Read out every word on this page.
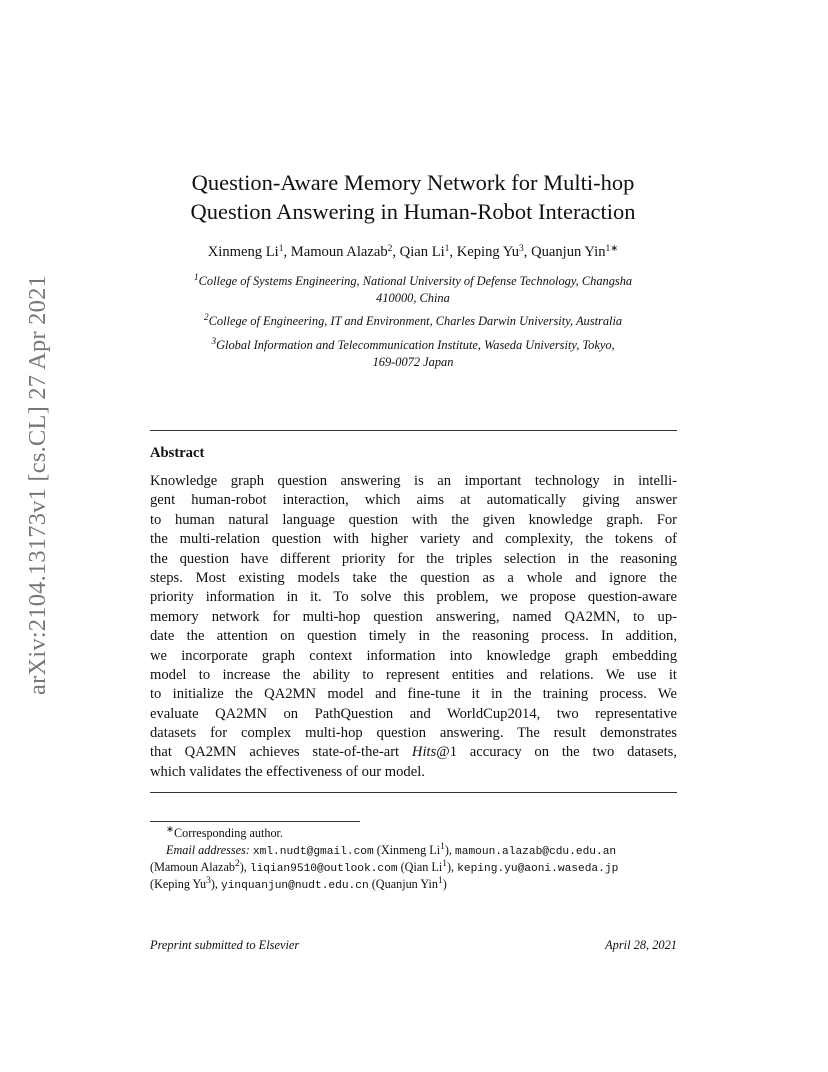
arXiv:2104.13173v1 [cs.CL] 27 Apr 2021
Question-Aware Memory Network for Multi-hop
Question Answering in Human-Robot Interaction
Xinmeng Li$^1$, Mamoun Alazab$^2$, Qian Li$^1$, Keping Yu$^3$, Quanjun Yin$^{1∗}$
$^1$College of Systems Engineering, National University of Defense Technology, Changsha
410000, China
$^2$College of Engineering, IT and Environment, Charles Darwin University, Australia
$^3$Global Information and Telecommunication Institute, Waseda University, Tokyo,
169-0072 Japan
Abstract
Knowledge graph question answering is an important technology in intelli-
gent human-robot interaction, which aims at automatically giving answer
to human natural language question with the given knowledge graph. For
the multi-relation question with higher variety and complexity, the tokens of
the question have different priority for the triples selection in the reasoning
steps. Most existing models take the question as a whole and ignore the
priority information in it. To solve this problem, we propose question-aware
memory network for multi-hop question answering, named QA2MN, to up-
date the attention on question timely in the reasoning process. In addition,
we incorporate graph context information into knowledge graph embedding
model to increase the ability to represent entities and relations. We use it
to initialize the QA2MN model and fine-tune it in the training process. We
evaluate QA2MN on PathQuestion and WorldCup2014, two representative
datasets for complex multi-hop question answering. The result demonstrates
that QA2MN achieves state-of-the-art Hits@1 accuracy on the two datasets,
which validates the effectiveness of our model.
∗Corresponding author.
Email addresses: xml.nudt@gmail.com (Xinmeng Li$^1$), mamoun.alazab@cdu.edu.an
(Mamoun Alazab$^2$), liqian9510@outlook.com (Qian Li$^1$), keping.yu@aoni.waseda.jp
(Keping Yu$^3$), yinquanjun@nudt.edu.cn (Quanjun Yin$^1$)
Preprint submitted to Elsevier	April 28, 2021
